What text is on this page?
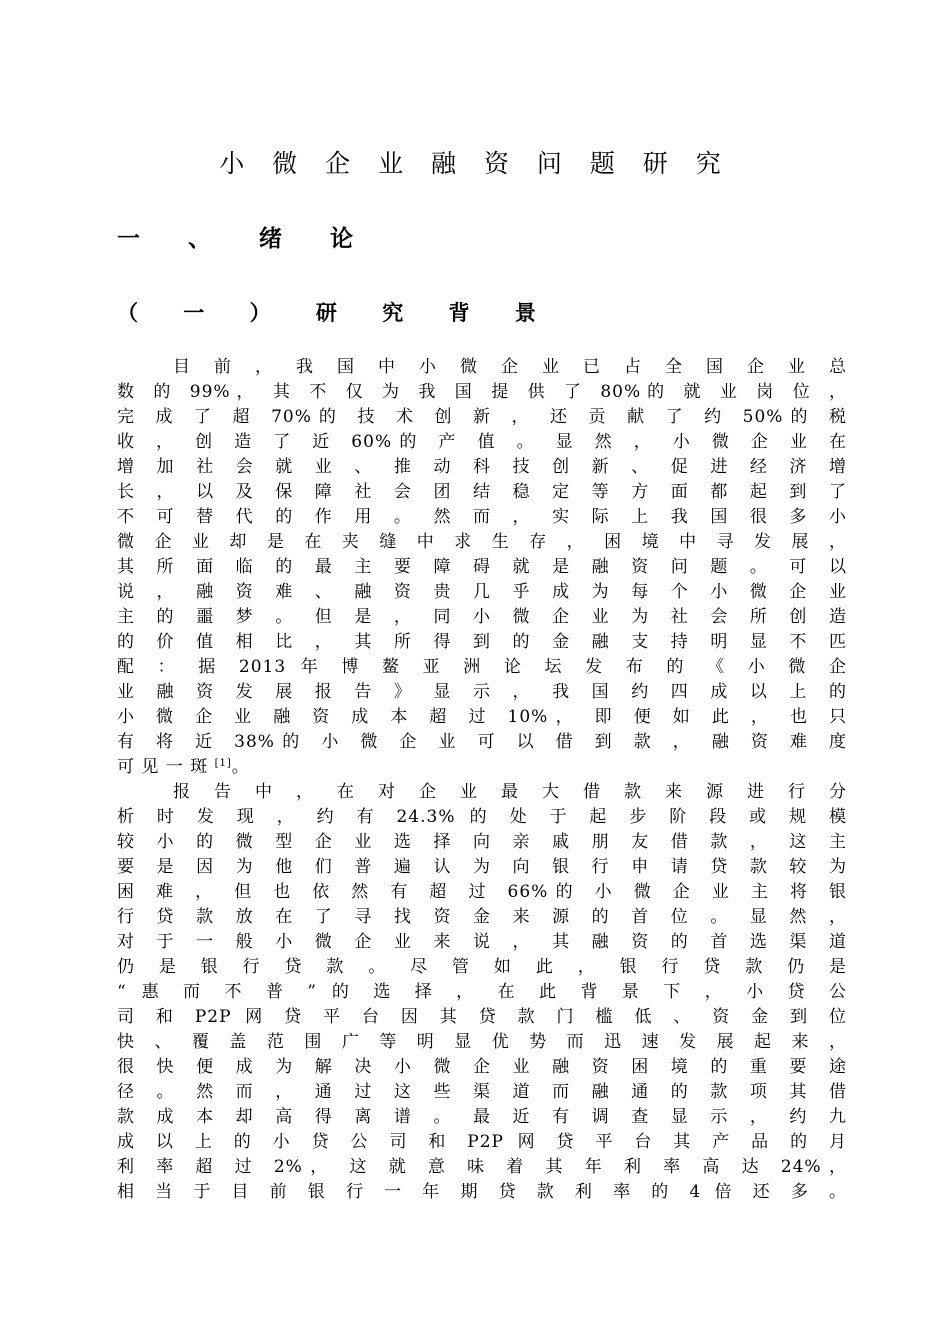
小 微 企 业 融 资 问 题 研 究
一 、 绪 论
（ 一 ） 研 究 背 景
目 前 ， 我 国 中 小 微 企 业 已 占 全 国 企 业 总
数 的 99%， 其 不 仅 为 我 国 提 供 了 80%的 就 业 岗 位 ，
完 成 了 超 70%的 技 术 创 新 ， 还 贡 献 了 约 50%的 税
收 ， 创 造 了 近 60%的 产 值 。 显 然 ， 小 微 企 业 在
增 加 社 会 就 业 、 推 动 科 技 创 新 、 促 进 经 济 增
长 ， 以 及 保 障 社 会 团 结 稳 定 等 方 面 都 起 到 了
不 可 替 代 的 作 用 。 然 而 ， 实 际 上 我 国 很 多 小
微 企 业 却 是 在 夹 缝 中 求 生 存 ， 困 境 中 寻 发 展 ，
其 所 面 临 的 最 主 要 障 碍 就 是 融 资 问 题 。 可 以
说 ， 融 资 难 、 融 资 贵 几 乎 成 为 每 个 小 微 企 业
主 的 噩 梦 。 但 是 ， 同 小 微 企 业 为 社 会 所 创 造
的 价 值 相 比 ， 其 所 得 到 的 金 融 支 持 明 显 不 匹
配 ： 据 2013 年 博 鳌 亚 洲 论 坛 发 布 的 《 小 微 企
业 融 资 发 展 报 告 》 显 示 ， 我 国 约 四 成 以 上 的
小 微 企 业 融 资 成 本 超 过 10%， 即 便 如 此 ， 也 只
有 将 近 38%的 小 微 企 业 可 以 借 到 款 ， 融 资 难 度
可 见 一 斑 [1]。
报 告 中 ， 在 对 企 业 最 大 借 款 来 源 进 行 分
析 时 发 现 ， 约 有 24.3% 的 处 于 起 步 阶 段 或 规 模
较 小 的 微 型 企 业 选 择 向 亲 戚 朋 友 借 款 ， 这 主
要 是 因 为 他 们 普 遍 认 为 向 银 行 申 请 贷 款 较 为
困 难 ， 但 也 依 然 有 超 过 66%的 小 微 企 业 主 将 银
行 贷 款 放 在 了 寻 找 资 金 来 源 的 首 位 。 显 然 ，
对 于 一 般 小 微 企 业 来 说 ， 其 融 资 的 首 选 渠 道
仍 是 银 行 贷 款 。 尽 管 如 此 ， 银 行 贷 款 仍 是
“ 惠 而 不 普 ” 的 选 择 ， 在 此 背 景 下 ， 小 贷 公
司 和 P2P 网 贷 平 台 因 其 贷 款 门 槛 低 、 资 金 到 位
快 、 覆 盖 范 围 广 等 明 显 优 势 而 迅 速 发 展 起 来 ，
很 快 便 成 为 解 决 小 微 企 业 融 资 困 境 的 重 要 途
径 。 然 而 ， 通 过 这 些 渠 道 而 融 通 的 款 项 其 借
款 成 本 却 高 得 离 谱 。 最 近 有 调 查 显 示 ， 约 九
成 以 上 的 小 贷 公 司 和 P2P 网 贷 平 台 其 产 品 的 月
利 率 超 过 2%， 这 就 意 味 着 其 年 利 率 高 达 24%，
相 当 于 目 前 银 行 一 年 期 贷 款 利 率 的 4 倍 还 多 。
